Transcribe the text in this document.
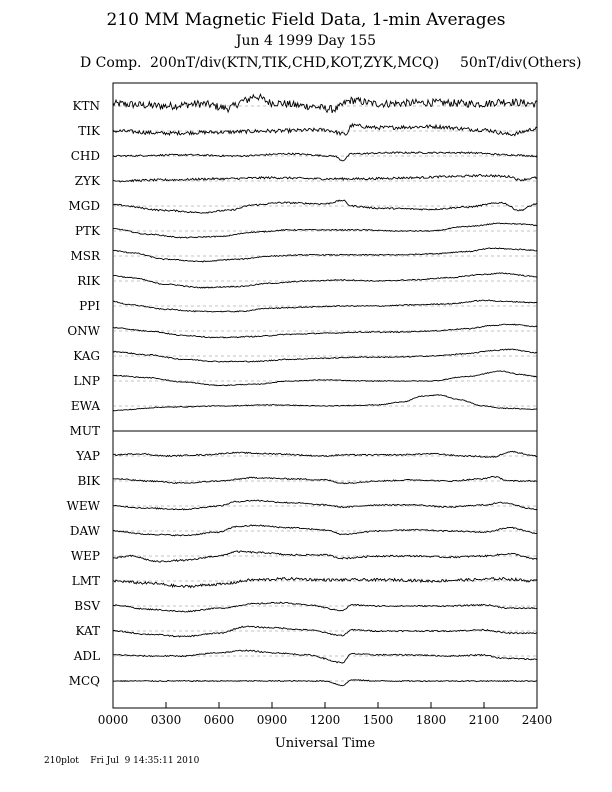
210 MM Magnetic Field Data, 1-min Averages
Jun 4 1999 Day 155
D Comp. 200nT/div(KTN,TIK,CHD,KOT,ZYK,MCQ) 50nT/div(Others)
KTN
TIK
CHD
ZYK
MGD
PTK
MSR
RIK
PPI
ONW
KAG
LNP
EWA
MUT
YAP
BIK
WEW
DAW
WEP
LMT
BSV
KAT
ADL
MCQ
0000 0300 0600 0900 1200 1500 1800 2100 2400
Universal Time
210plot    Fri Jul  9 14:35:11 2010
